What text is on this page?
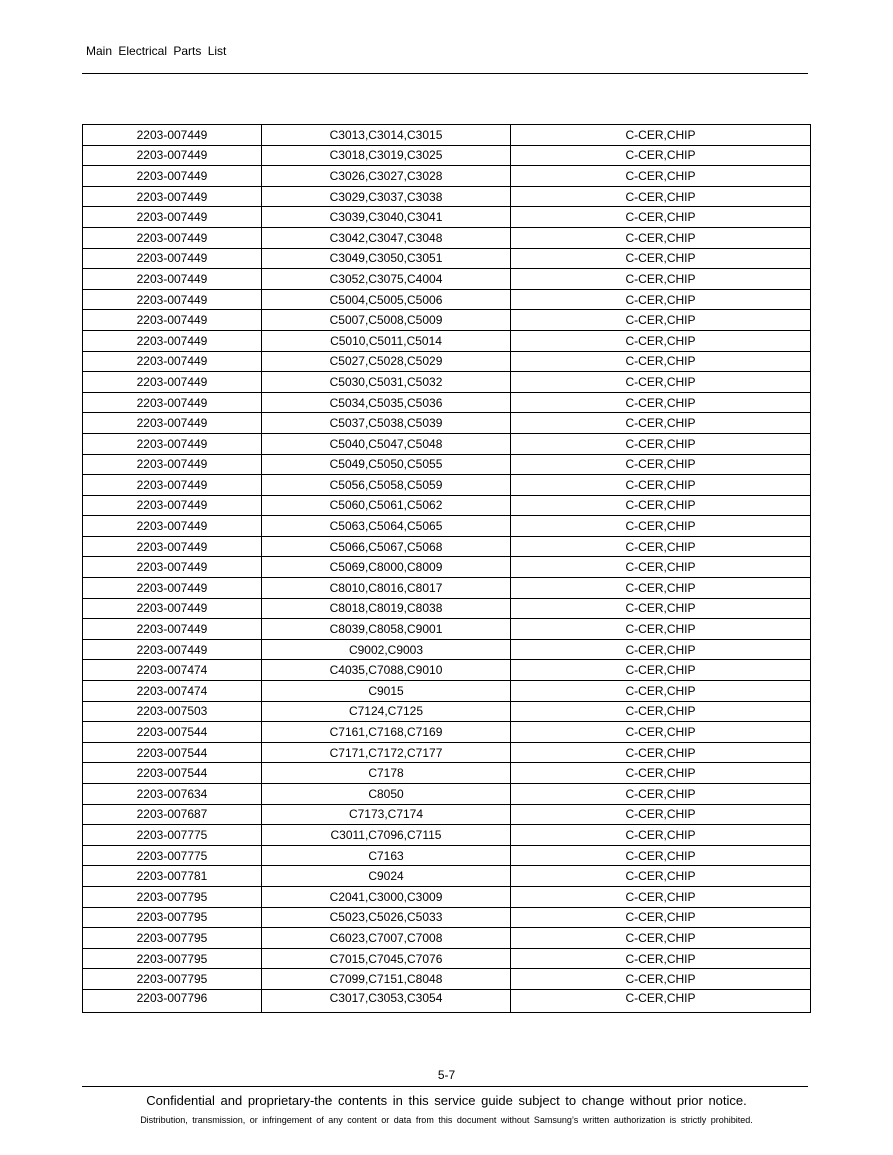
Main Electrical Parts List
2203-007449	C3013,C3014,C3015	C-CER,CHIP
2203-007449	C3018,C3019,C3025	C-CER,CHIP
2203-007449	C3026,C3027,C3028	C-CER,CHIP
2203-007449	C3029,C3037,C3038	C-CER,CHIP
2203-007449	C3039,C3040,C3041	C-CER,CHIP
2203-007449	C3042,C3047,C3048	C-CER,CHIP
2203-007449	C3049,C3050,C3051	C-CER,CHIP
2203-007449	C3052,C3075,C4004	C-CER,CHIP
2203-007449	C5004,C5005,C5006	C-CER,CHIP
2203-007449	C5007,C5008,C5009	C-CER,CHIP
2203-007449	C5010,C5011,C5014	C-CER,CHIP
2203-007449	C5027,C5028,C5029	C-CER,CHIP
2203-007449	C5030,C5031,C5032	C-CER,CHIP
2203-007449	C5034,C5035,C5036	C-CER,CHIP
2203-007449	C5037,C5038,C5039	C-CER,CHIP
2203-007449	C5040,C5047,C5048	C-CER,CHIP
2203-007449	C5049,C5050,C5055	C-CER,CHIP
2203-007449	C5056,C5058,C5059	C-CER,CHIP
2203-007449	C5060,C5061,C5062	C-CER,CHIP
2203-007449	C5063,C5064,C5065	C-CER,CHIP
2203-007449	C5066,C5067,C5068	C-CER,CHIP
2203-007449	C5069,C8000,C8009	C-CER,CHIP
2203-007449	C8010,C8016,C8017	C-CER,CHIP
2203-007449	C8018,C8019,C8038	C-CER,CHIP
2203-007449	C8039,C8058,C9001	C-CER,CHIP
2203-007449	C9002,C9003	C-CER,CHIP
2203-007474	C4035,C7088,C9010	C-CER,CHIP
2203-007474	C9015	C-CER,CHIP
2203-007503	C7124,C7125	C-CER,CHIP
2203-007544	C7161,C7168,C7169	C-CER,CHIP
2203-007544	C7171,C7172,C7177	C-CER,CHIP
2203-007544	C7178	C-CER,CHIP
2203-007634	C8050	C-CER,CHIP
2203-007687	C7173,C7174	C-CER,CHIP
2203-007775	C3011,C7096,C7115	C-CER,CHIP
2203-007775	C7163	C-CER,CHIP
2203-007781	C9024	C-CER,CHIP
2203-007795	C2041,C3000,C3009	C-CER,CHIP
2203-007795	C5023,C5026,C5033	C-CER,CHIP
2203-007795	C6023,C7007,C7008	C-CER,CHIP
2203-007795	C7015,C7045,C7076	C-CER,CHIP
2203-007795	C7099,C7151,C8048	C-CER,CHIP
2203-007796	C3017,C3053,C3054	C-CER,CHIP
5-7
Confidential and proprietary-the contents in this service guide subject to change without prior notice.
Distribution, transmission, or infringement of any content or data from this document without Samsung’s written authorization is strictly prohibited.
